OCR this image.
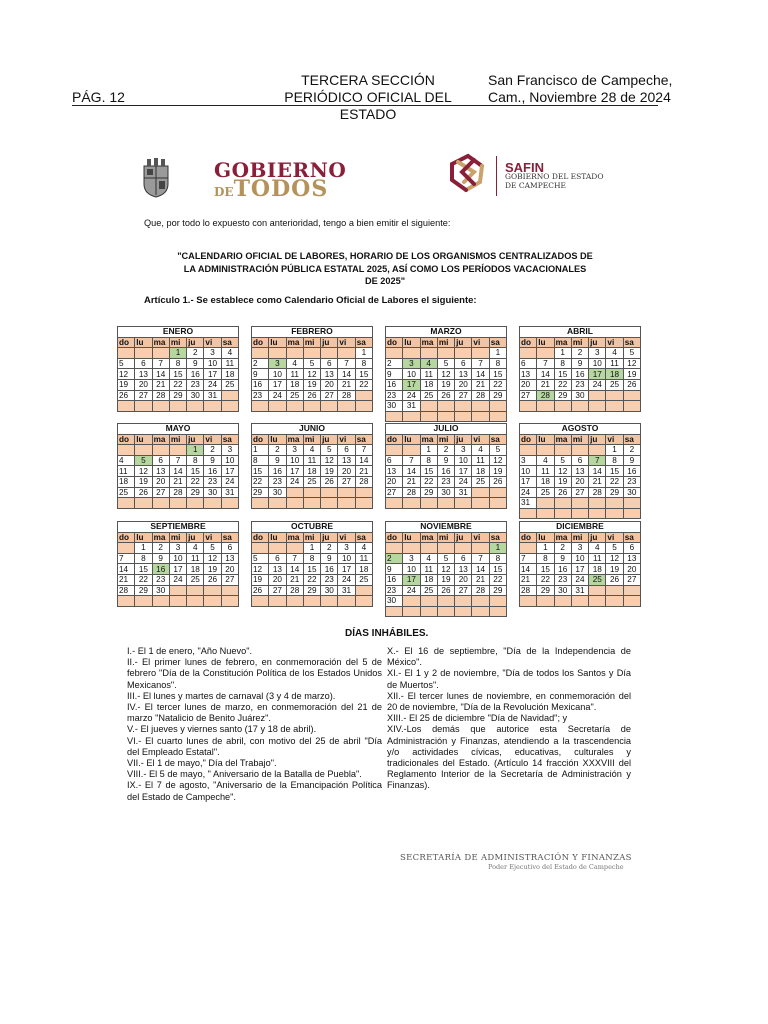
PÁG. 12
TERCERA SECCIÓN
PERIÓDICO OFICIAL DEL ESTADO
San Francisco de Campeche,
Cam., Noviembre 28 de 2024
GOBIERNO
DETODOS
SAFIN
GOBIERNO DEL ESTADO
DE CAMPECHE
Que, por todo lo expuesto con anterioridad, tengo a bien emitir el siguiente:
"CALENDARIO OFICIAL DE LABORES, HORARIO DE LOS ORGANISMOS CENTRALIZADOS DE
LA ADMINISTRACIÓN PÚBLICA ESTATAL 2025, ASÍ COMO LOS PERÍODOS VACACIONALES
DE 2025"
Artículo 1.- Se establece como Calendario Oficial de Labores el siguiente:
ENERO						
do	lu	ma	mi	ju	vi	sa
			1	2	3	4
5	6	7	8	9	10	11
12	13	14	15	16	17	18
19	20	21	22	23	24	25
26	27	28	29	30	31	

FEBRERO						
do	lu	ma	mi	ju	vi	sa
						1
2	3	4	5	6	7	8
9	10	11	12	13	14	15
16	17	18	19	20	21	22
23	24	25	26	27	28	

MARZO						
do	lu	ma	mi	ju	vi	sa
						1
2	3	4	5	6	7	8
9	10	11	12	13	14	15
16	17	18	19	20	21	22
23	24	25	26	27	28	29
30	31					

ABRIL						
do	lu	ma	mi	ju	vi	sa
		1	2	3	4	5
6	7	8	9	10	11	12
13	14	15	16	17	18	19
20	21	22	23	24	25	26
27	28	29	30			

MAYO						
do	lu	ma	mi	ju	vi	sa
				1	2	3
4	5	6	7	8	9	10
11	12	13	14	15	16	17
18	19	20	21	22	23	24
25	26	27	28	29	30	31

JUNIO						
do	lu	ma	mi	ju	vi	sa
1	2	3	4	5	6	7
8	9	10	11	12	13	14
15	16	17	18	19	20	21
22	23	24	25	26	27	28
29	30					

JULIO						
do	lu	ma	mi	ju	vi	sa
		1	2	3	4	5
6	7	8	9	10	11	12
13	14	15	16	17	18	19
20	21	22	23	24	25	26
27	28	29	30	31		

AGOSTO						
do	lu	ma	mi	ju	vi	sa
					1	2
3	4	5	6	7	8	9
10	11	12	13	14	15	16
17	18	19	20	21	22	23
24	25	26	27	28	29	30
31						

SEPTIEMBRE						
do	lu	ma	mi	ju	vi	sa
	1	2	3	4	5	6
7	8	9	10	11	12	13
14	15	16	17	18	19	20
21	22	23	24	25	26	27
28	29	30				

OCTUBRE						
do	lu	ma	mi	ju	vi	sa
			1	2	3	4
5	6	7	8	9	10	11
12	13	14	15	16	17	18
19	20	21	22	23	24	25
26	27	28	29	30	31	

NOVIEMBRE						
do	lu	ma	mi	ju	vi	sa
						1
2	3	4	5	6	7	8
9	10	11	12	13	14	15
16	17	18	19	20	21	22
23	24	25	26	27	28	29
30						

DICIEMBRE						
do	lu	ma	mi	ju	vi	sa
	1	2	3	4	5	6
7	8	9	10	11	12	13
14	15	16	17	18	19	20
21	22	23	24	25	26	27
28	29	30	31			

DÍAS INHÁBILES.

I.- El 1 de enero, "Año Nuevo".

II.- El primer lunes de febrero, en conmemoración del 5 de febrero "Día de la Constitución Política de los Estados Unidos Mexicanos".

III.- El lunes y martes de carnaval (3 y 4 de marzo).

IV.- El tercer lunes de marzo, en conmemoración del 21 de marzo "Natalicio de Benito Juárez".

V.- El jueves y viernes santo (17 y 18 de abril).

VI.- El cuarto lunes de abril, con motivo del 25 de abril "Día del Empleado Estatal".

VII.- El 1 de mayo," Día del Trabajo".

VIII.- El 5 de mayo, " Aniversario de la Batalla de Puebla".

IX.- El 7 de agosto, "Aniversario de la Emancipación Política del Estado de Campeche".

X.- El 16 de septiembre, "Día de la Independencia de México".

XI.- El 1 y 2 de noviembre, "Día de todos los Santos y Día de Muertos".

XII.- El tercer lunes de noviembre, en conmemoración del 20 de noviembre, "Día de la Revolución Mexicana".

XIII.- El 25 de diciembre "Día de Navidad"; y

XIV.-Los demás que autorice esta Secretaría de Administración y Finanzas, atendiendo a la trascendencia y/o actividades cívicas, educativas, culturales y tradicionales del Estado. (Artículo 14 fracción XXXVIII del Reglamento Interior de la Secretaría de Administración y Finanzas).

SECRETARÍA DE ADMINISTRACIÓN Y FINANZAS
Poder Ejecutivo del Estado de Campeche
